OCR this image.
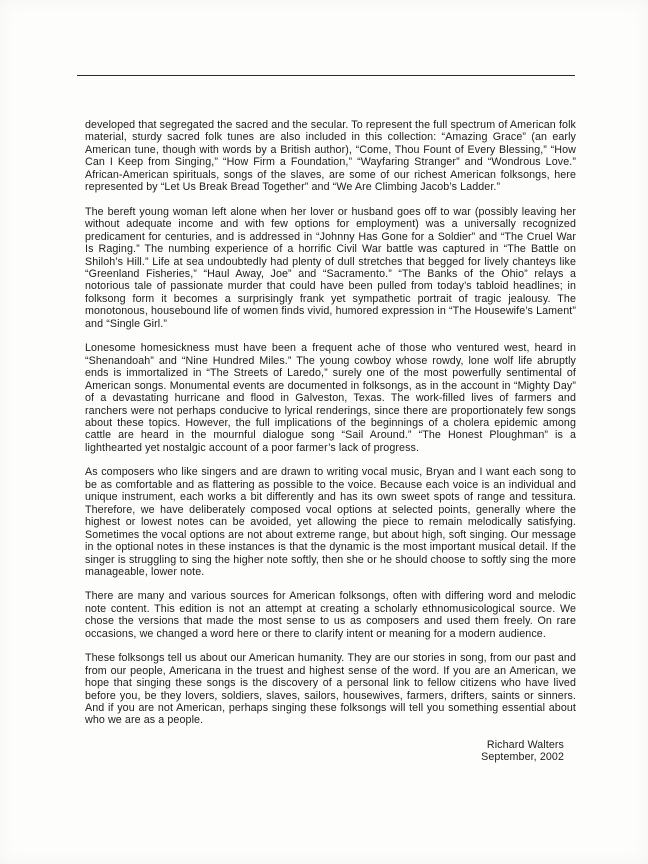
developed that segregated the sacred and the secular. To represent the full spectrum of American folk material, sturdy sacred folk tunes are also included in this collection: “Amazing Grace” (an early American tune, though with words by a British author), “Come, Thou Fount of Every Blessing,” “How Can I Keep from Singing,” “How Firm a Foundation,” “Wayfaring Stranger” and “Wondrous Love.” African-American spirituals, songs of the slaves, are some of our richest American folksongs, here represented by “Let Us Break Bread Together” and “We Are Climbing Jacob’s Ladder.”

The bereft young woman left alone when her lover or husband goes off to war (possibly leaving her without adequate income and with few options for employment) was a universally recognized predicament for centuries, and is addressed in “Johnny Has Gone for a Soldier” and “The Cruel War Is Raging.” The numbing experience of a horrific Civil War battle was captured in “The Battle on Shiloh’s Hill.” Life at sea undoubtedly had plenty of dull stretches that begged for lively chanteys like “Greenland Fisheries,” “Haul Away, Joe” and “Sacramento.” “The Banks of the Ohio” relays a notorious tale of passionate murder that could have been pulled from today’s tabloid headlines; in folksong form it becomes a surprisingly frank yet sympathetic portrait of tragic jealousy. The monotonous, housebound life of women finds vivid, humored expression in “The Housewife’s Lament” and “Single Girl.”

Lonesome homesickness must have been a frequent ache of those who ventured west, heard in “Shenandoah” and “Nine Hundred Miles.” The young cowboy whose rowdy, lone wolf life abruptly ends is immortalized in “The Streets of Laredo,” surely one of the most powerfully sentimental of American songs. Monumental events are documented in folksongs, as in the account in “Mighty Day” of a devastating hurricane and flood in Galveston, Texas. The work-filled lives of farmers and ranchers were not perhaps conducive to lyrical renderings, since there are proportionately few songs about these topics. However, the full implications of the beginnings of a cholera epidemic among cattle are heard in the mournful dialogue song “Sail Around.” “The Honest Ploughman” is a lighthearted yet nostalgic account of a poor farmer’s lack of progress.

As composers who like singers and are drawn to writing vocal music, Bryan and I want each song to be as comfortable and as flattering as possible to the voice. Because each voice is an individual and unique instrument, each works a bit differently and has its own sweet spots of range and tessitura. Therefore, we have deliberately composed vocal options at selected points, generally where the highest or lowest notes can be avoided, yet allowing the piece to remain melodically satisfying. Sometimes the vocal options are not about extreme range, but about high, soft singing. Our message in the optional notes in these instances is that the dynamic is the most important musical detail. If the singer is struggling to sing the higher note softly, then she or he should choose to softly sing the more manageable, lower note.

There are many and various sources for American folksongs, often with differing word and melodic note content. This edition is not an attempt at creating a scholarly ethnomusicological source. We chose the versions that made the most sense to us as composers and used them freely. On rare occasions, we changed a word here or there to clarify intent or meaning for a modern audience.

These folksongs tell us about our American humanity. They are our stories in song, from our past and from our people, Americana in the truest and highest sense of the word. If you are an American, we hope that singing these songs is the discovery of a personal link to fellow citizens who have lived before you, be they lovers, soldiers, slaves, sailors, housewives, farmers, drifters, saints or sinners. And if you are not American, perhaps singing these folksongs will tell you something essential about who we are as a people.

Richard Walters
September, 2002
